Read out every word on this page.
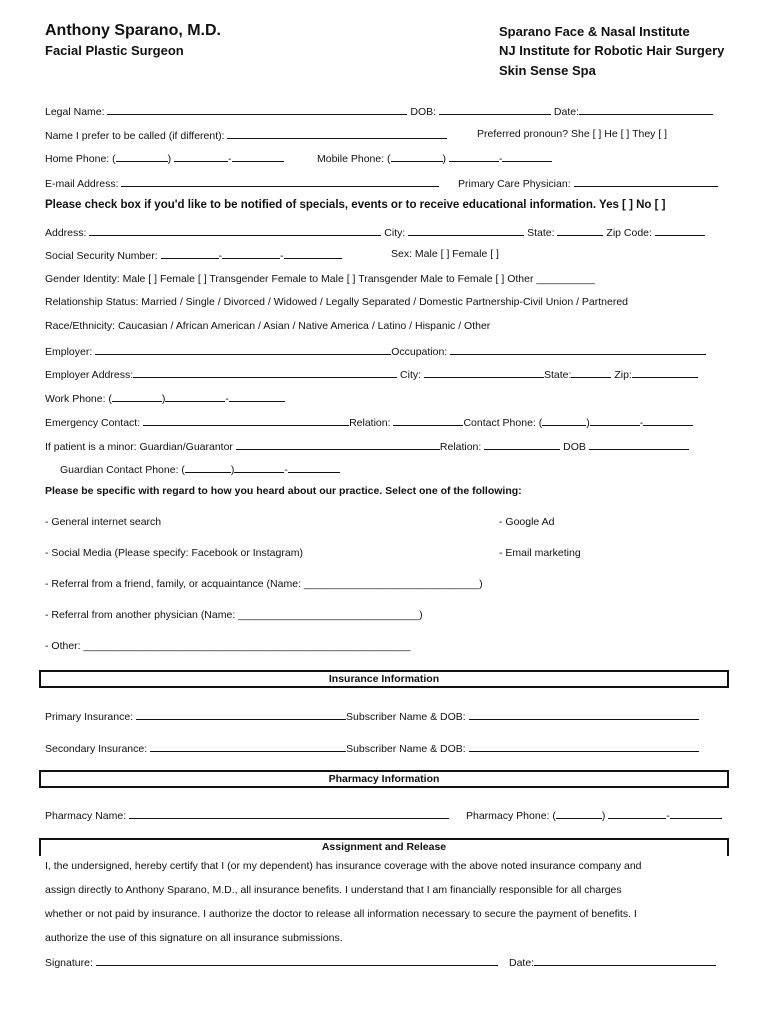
Anthony Sparano, M.D.
Facial Plastic Surgeon
Sparano Face & Nasal Institute
NJ Institute for Robotic Hair Surgery
Skin Sense Spa
Legal Name:	DOB:	Date:
Name I prefer to be called (if different):	Preferred pronoun? She [ ] He [ ] They [ ]
Home Phone: (	)	-	Mobile Phone: (	)	-
E-mail Address:	Primary Care Physician:
Please check box if you'd like to be notified of specials, events or to receive educational information. Yes [ ] No [ ]
Address:	City:	State:	Zip Code:
Social Security Number:	-	-	Sex: Male [ ] Female [ ]
Gender Identity: Male [ ] Female [ ] Transgender Female to Male [ ] Transgender Male to Female [ ] Other __________
Relationship Status: Married / Single / Divorced / Widowed / Legally Separated / Domestic Partnership-Civil Union / Partnered
Race/Ethnicity: Caucasian / African American / Asian / Native America / Latino / Hispanic / Other
Employer:	Occupation:
Employer Address:	City:	State:	Zip:
Work Phone: (	)	-
Emergency Contact:	Relation:	Contact Phone: (	)	-
If patient is a minor: Guardian/Guarantor	Relation:	DOB
Guardian Contact Phone: (	)	-
Please be specific with regard to how you heard about our practice. Select one of the following:
- General internet search	- Google Ad
- Social Media (Please specify: Facebook or Instagram)	- Email marketing
- Referral from a friend, family, or acquaintance (Name: ______________________________)
- Referral from another physician (Name: _______________________________)
- Other: ________________________________________________________
Insurance Information
Primary Insurance:	Subscriber Name & DOB:
Secondary Insurance:	Subscriber Name & DOB:
Pharmacy Information
Pharmacy Name:	Pharmacy Phone: (	)	-
Assignment and Release
I, the undersigned, hereby certify that I (or my dependent) has insurance coverage with the above noted insurance company and
assign directly to Anthony Sparano, M.D., all insurance benefits. I understand that I am financially responsible for all charges
whether or not paid by insurance. I authorize the doctor to release all information necessary to secure the payment of benefits. I
authorize the use of this signature on all insurance submissions.
Signature:	Date:
